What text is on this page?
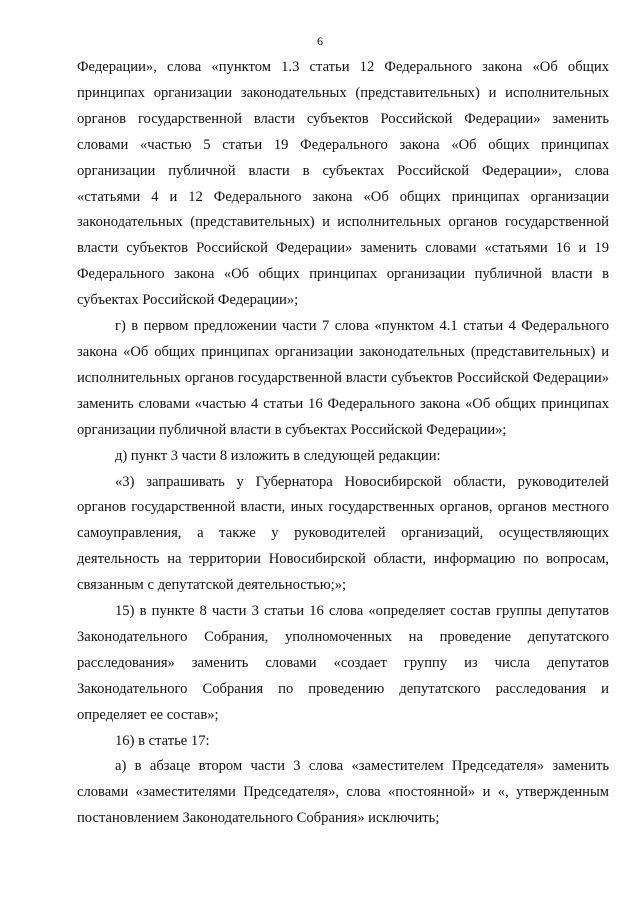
6

Федерации», слова «пунктом 1.3 статьи 12 Федерального закона «Об общих принципах организации законодательных (представительных) и исполнительных органов государственной власти субъектов Российской Федерации» заменить словами «частью 5 статьи 19 Федерального закона «Об общих принципах организации публичной власти в субъектах Российской Федерации», слова «статьями 4 и 12 Федерального закона «Об общих принципах организации законодательных (представительных) и исполнительных органов государственной власти субъектов Российской Федерации» заменить словами «статьями 16 и 19 Федерального закона «Об общих принципах организации публичной власти в субъектах Российской Федерации»;

г) в первом предложении части 7 слова «пунктом 4.1 статьи 4 Федерального закона «Об общих принципах организации законодательных (представительных) и исполнительных органов государственной власти субъектов Российской Федерации» заменить словами «частью 4 статьи 16 Федерального закона «Об общих принципах организации публичной власти в субъектах Российской Федерации»;

д) пункт 3 части 8 изложить в следующей редакции:

«3) запрашивать у Губернатора Новосибирской области, руководителей органов государственной власти, иных государственных органов, органов местного самоуправления, а также у руководителей организаций, осуществляющих деятельность на территории Новосибирской области, информацию по вопросам, связанным с депутатской деятельностью;»;

15) в пункте 8 части 3 статьи 16 слова «определяет состав группы депутатов Законодательного Собрания, уполномоченных на проведение депутатского расследования» заменить словами «создает группу из числа депутатов Законодательного Собрания по проведению депутатского расследования и определяет ее состав»;

16) в статье 17:

а) в абзаце втором части 3 слова «заместителем Председателя» заменить словами «заместителями Председателя», слова «постоянной» и «, утвержденным постановлением Законодательного Собрания» исключить;
